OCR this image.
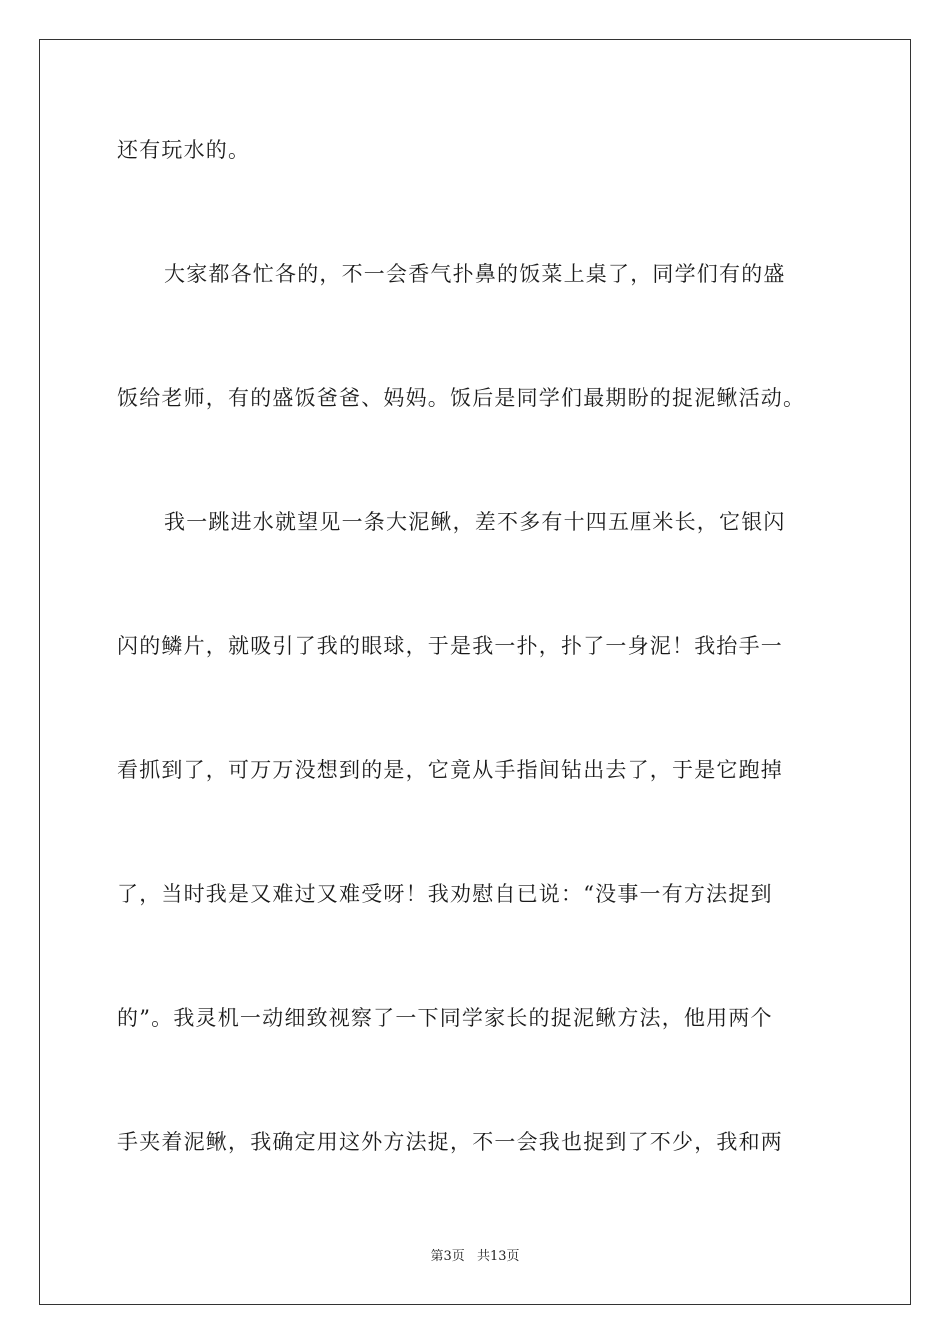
还有玩水的。
大家都各忙各的，不一会香气扑鼻的饭菜上桌了，同学们有的盛
饭给老师，有的盛饭爸爸、妈妈。饭后是同学们最期盼的捉泥鳅活动。
我一跳进水就望见一条大泥鳅，差不多有十四五厘米长，它银闪
闪的鳞片，就吸引了我的眼球，于是我一扑，扑了一身泥！我抬手一
看抓到了，可万万没想到的是，它竟从手指间钻出去了，于是它跑掉
了，当时我是又难过又难受呀！我劝慰自已说：“没事一有方法捉到
的”。我灵机一动细致视察了一下同学家长的捉泥鳅方法，他用两个
手夹着泥鳅，我确定用这外方法捉，不一会我也捉到了不少，我和两
第3页 共13页
